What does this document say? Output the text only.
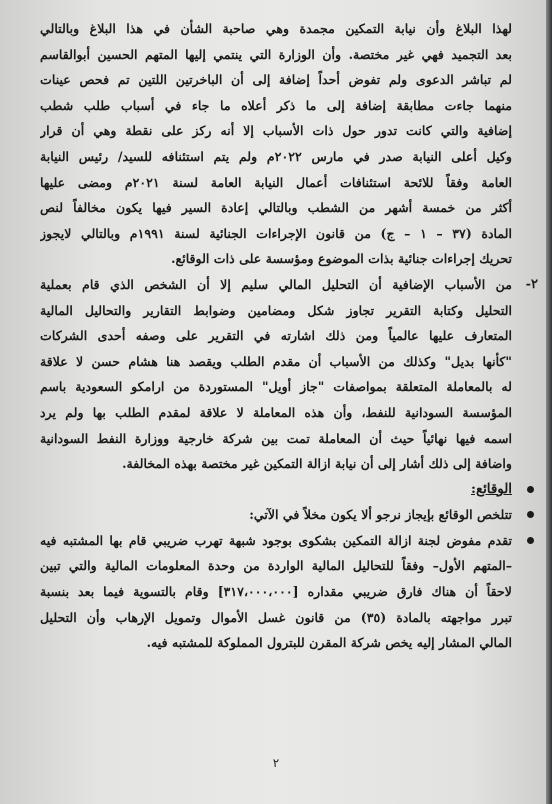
لهذا البلاغ وأن نيابة التمكين مجمدة وهي صاحبة الشأن في هذا البلاغ وبالتالي
بعد التجميد فهي غير مختصة. وأن الوزارة التي ينتمي إليها المتهم الحسين أبوالقاسم
لم تباشر الدعوى ولم تفوض أحداً إضافة إلى أن الباخرتين اللتين تم فحص عينات
منهما جاءت مطابقة إضافة إلى ما ذكر أعلاه ما جاء في أسباب طلب شطب
إضافية والتي كانت تدور حول ذات الأسباب إلا أنه ركز على نقطة وهي أن قرار
وكيل أعلى النيابة صدر في مارس ٢٠٢٢م ولم يتم استئنافه للسيد/ رئيس النيابة
العامة وفقاً للائحة استئنافات أعمال النيابة العامة لسنة ٢٠٢١م ومضى عليها
أكثر من خمسة أشهر من الشطب وبالتالي إعادة السير فيها يكون مخالفاً لنص
المادة (٣٧ – ١ – ج) من قانون الإجراءات الجنائية لسنة ١٩٩١م وبالتالي لايجوز
تحريك إجراءات جنائية بذات الموضوع ومؤسسة على ذات الوقائع.
٢-
من الأسباب الإضافية أن التحليل المالي سليم إلا أن الشخص الذي قام بعملية
التحليل وكتابة التقرير تجاوز شكل ومضامين وضوابط التقارير والتحاليل المالية
المتعارف عليها عالمياً ومن ذلك اشارته في التقرير على وصفه أحدى الشركات
"كأنها بديل" وكذلك من الأسباب أن مقدم الطلب ويقصد هنا هشام حسن لا علاقة
له بالمعاملة المتعلقة بمواصفات "جاز أويل" المستوردة من ارامكو السعودية باسم
المؤسسة السودانية للنفط، وأن هذه المعاملة لا علاقة لمقدم الطلب بها ولم يرد
اسمه فيها نهائياً حيث أن المعاملة تمت بين شركة خارجية ووزارة النفط السودانية
واضافة إلى ذلك أشار إلى أن نيابة ازالة التمكين غير مختصة بهذه المخالفة.
الوقائع:
تتلخص الوقائع بإيجاز نرجو ألا يكون مخلاً في الآتي:
تقدم مفوض لجنة ازالة التمكين بشكوى بوجود شبهة تهرب ضريبي قام بها المشتبه فيه
–المتهم الأول– وفقاً للتحاليل المالية الواردة من وحدة المعلومات المالية والتي تبين
لاحقاً أن هناك فارق ضريبي مقداره [٣١٧،٠٠٠،٠٠٠] وقام بالتسوية فيما بعد بنسبة
تبرر مواجهته بالمادة (٣٥) من قانون غسل الأموال وتمويل الإرهاب وأن التحليل
المالي المشار إليه يخص شركة المقرن للبترول المملوكة للمشتبه فيه.
٢
